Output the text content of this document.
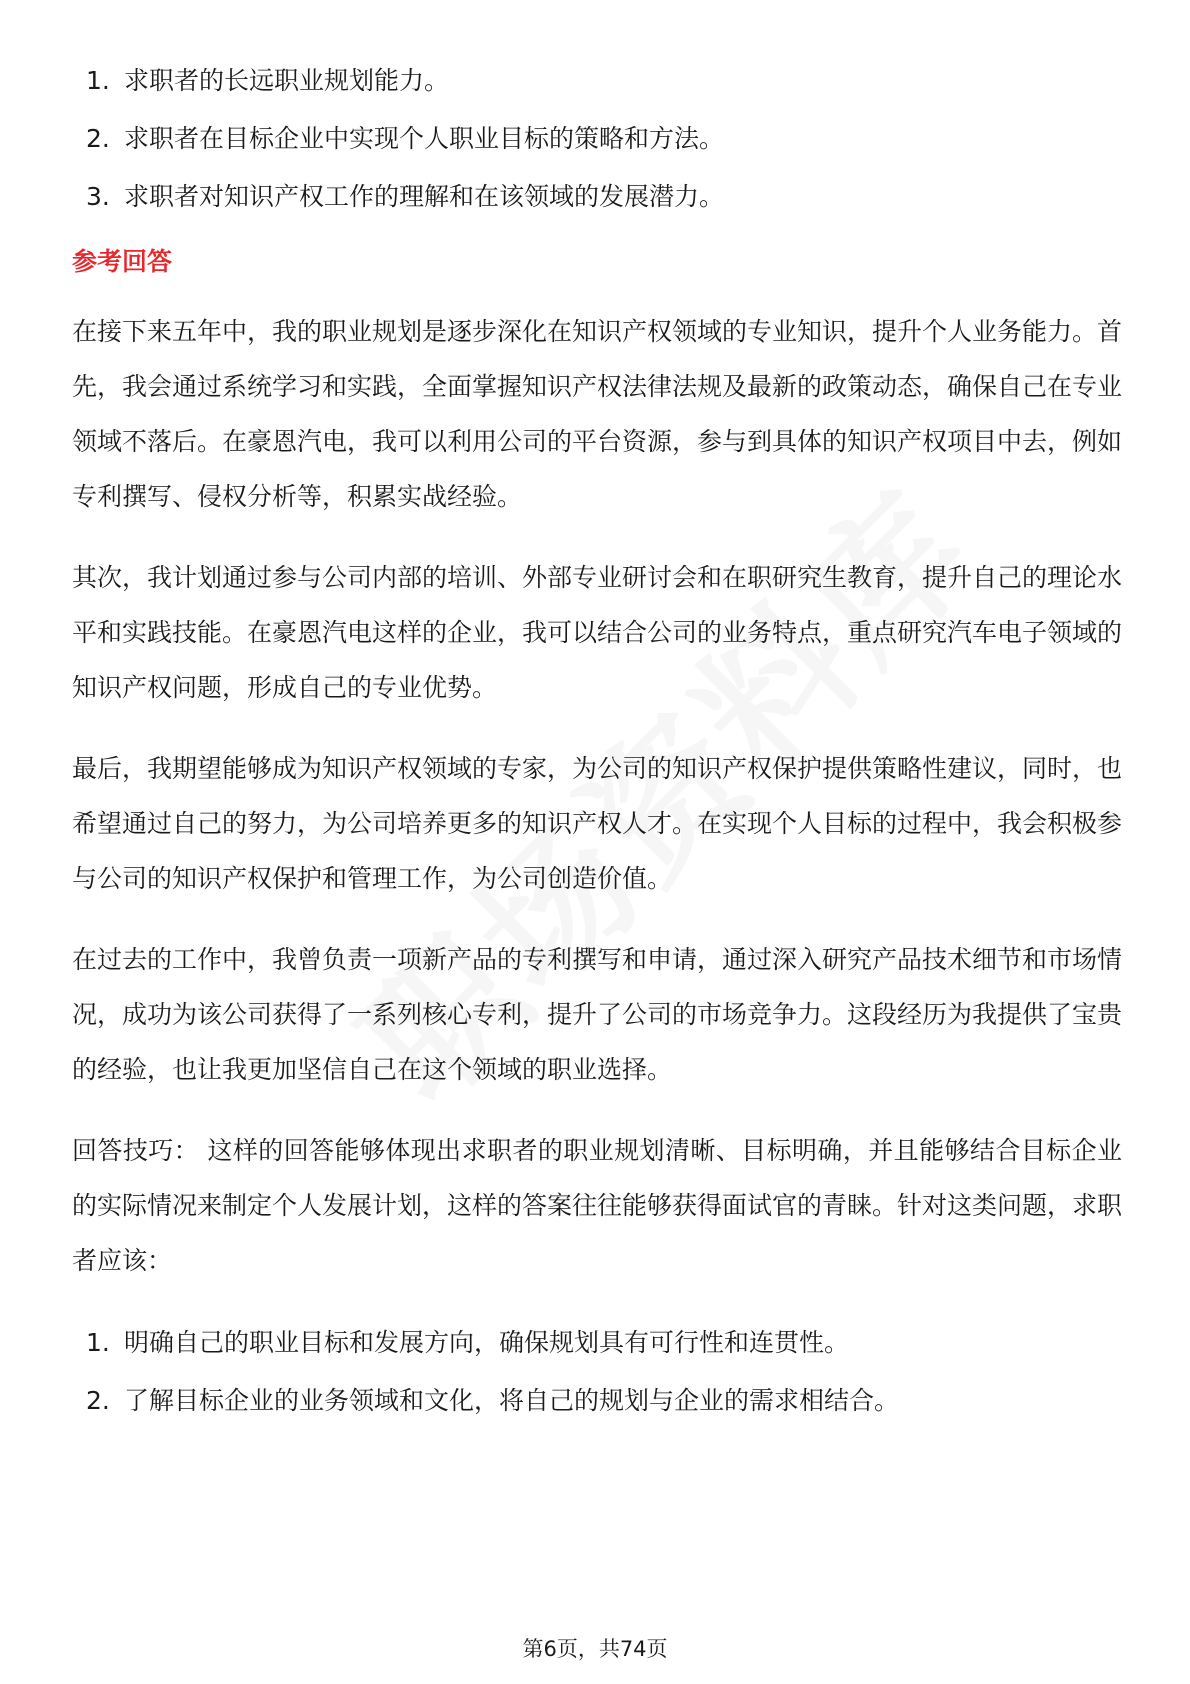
1. 求职者的长远职业规划能力。
2. 求职者在目标企业中实现个人职业目标的策略和方法。
3. 求职者对知识产权工作的理解和在该领域的发展潜力。
参考回答

在接下来五年中，我的职业规划是逐步深化在知识产权领域的专业知识，提升个人业务能力。首先，我会通过系统学习和实践，全面掌握知识产权法律法规及最新的政策动态，确保自己在专业领域不落后。在豪恩汽电，我可以利用公司的平台资源，参与到具体的知识产权项目中去，例如专利撰写、侵权分析等，积累实战经验。

其次，我计划通过参与公司内部的培训、外部专业研讨会和在职研究生教育，提升自己的理论水平和实践技能。在豪恩汽电这样的企业，我可以结合公司的业务特点，重点研究汽车电子领域的知识产权问题，形成自己的专业优势。

最后，我期望能够成为知识产权领域的专家，为公司的知识产权保护提供策略性建议，同时，也希望通过自己的努力，为公司培养更多的知识产权人才。在实现个人目标的过程中，我会积极参与公司的知识产权保护和管理工作，为公司创造价值。

在过去的工作中，我曾负责一项新产品的专利撰写和申请，通过深入研究产品技术细节和市场情况，成功为该公司获得了一系列核心专利，提升了公司的市场竞争力。这段经历为我提供了宝贵的经验，也让我更加坚信自己在这个领域的职业选择。

回答技巧： 这样的回答能够体现出求职者的职业规划清晰、目标明确，并且能够结合目标企业的实际情况来制定个人发展计划，这样的答案往往能够获得面试官的青睐。针对这类问题，求职者应该：

1. 明确自己的职业目标和发展方向，确保规划具有可行性和连贯性。
2. 了解目标企业的业务领域和文化，将自己的规划与企业的需求相结合。
第6页，共74页
